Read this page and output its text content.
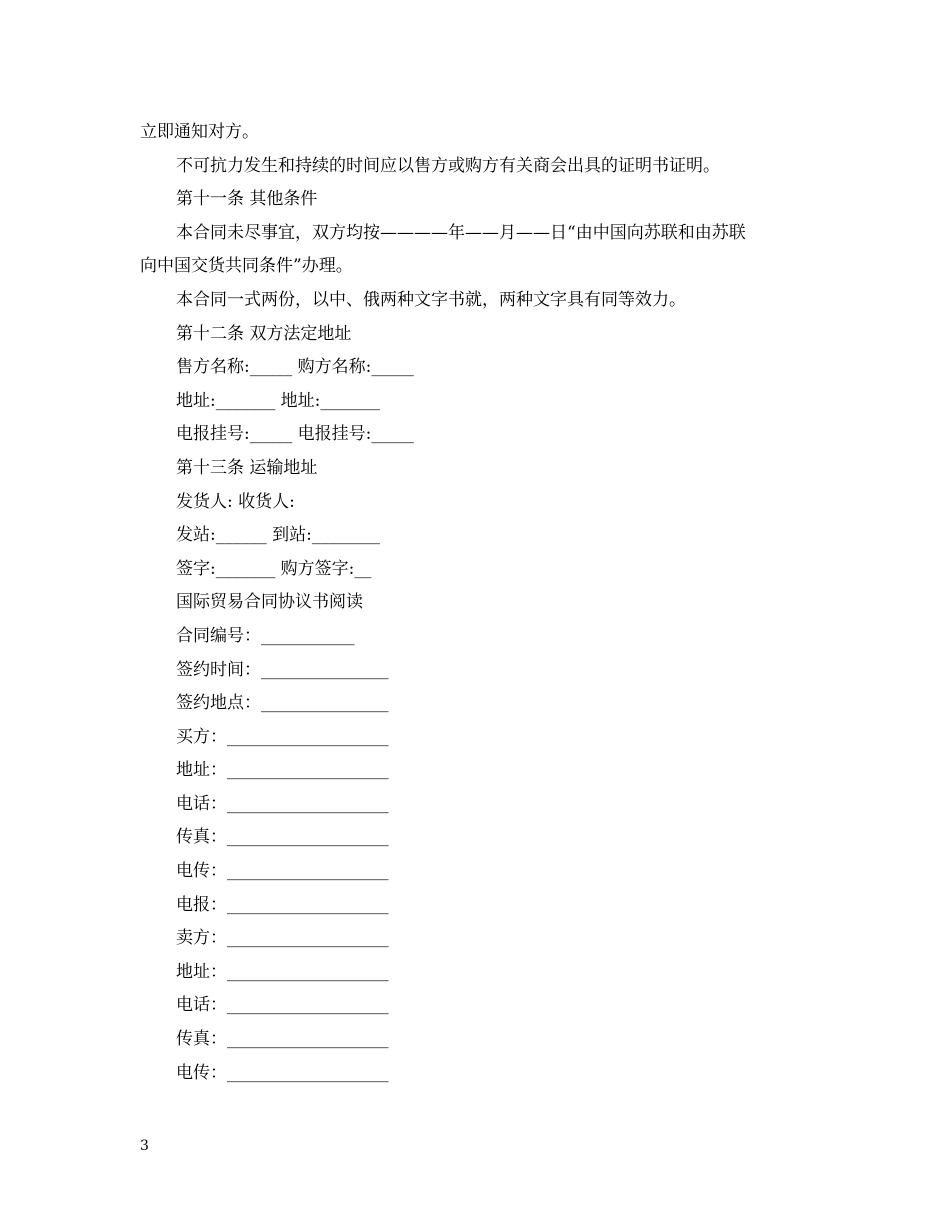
立即通知对方。
不可抗力发生和持续的时间应以售方或购方有关商会出具的证明书证明。
第十一条 其他条件
本合同未尽事宜，双方均按————年——月——日“由中国向苏联和由苏联
向中国交货共同条件”办理。
本合同一式两份，以中、俄两种文字书就，两种文字具有同等效力。
第十二条 双方法定地址
售方名称:_____ 购方名称:_____
地址:_______ 地址:_______
电报挂号:_____ 电报挂号:_____
第十三条 运输地址
发货人: 收货人:
发站:______ 到站:________
签字:_______ 购方签字:__
国际贸易合同协议书阅读
合同编号：___________
签约时间：_______________
签约地点：_______________
买方：___________________
地址：___________________
电话：___________________
传真：___________________
电传：___________________
电报：___________________
卖方：___________________
地址：___________________
电话：___________________
传真：___________________
电传：___________________
3
